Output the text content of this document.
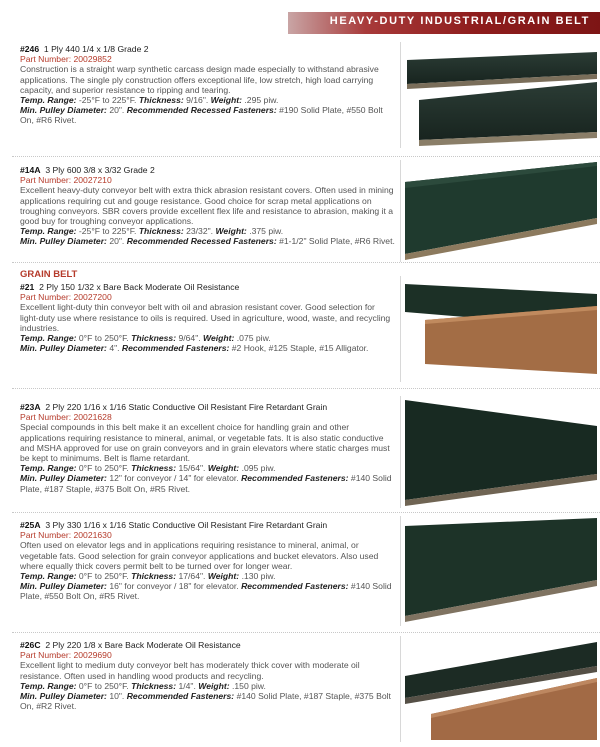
HEAVY-DUTY INDUSTRIAL/GRAIN BELT
#246 1 Ply 440 1/4 x 1/8 Grade 2
Part Number: 20029852
Construction is a straight warp synthetic carcass design made especially to withstand abrasive applications. The single ply construction offers exceptional life, low stretch, high load carrying capacity, and superior resistance to ripping and tearing.
Temp. Range: -25°F to 225°F. Thickness: 9/16". Weight: .295 piw.
Min. Pulley Diameter: 20". Recommended Recessed Fasteners: #190 Solid Plate, #550 Bolt On, #R6 Rivet.
#14A 3 Ply 600 3/8 x 3/32 Grade 2
Part Number: 20027210
Excellent heavy-duty conveyor belt with extra thick abrasion resistant covers. Often used in mining applications requiring cut and gouge resistance. Good choice for scrap metal applications on troughing conveyors. SBR covers provide excellent flex life and resistance to abrasion, making it a good buy for troughing conveyor applications.
Temp. Range: -25°F to 225°F. Thickness: 23/32". Weight: .375 piw.
Min. Pulley Diameter: 20". Recommended Recessed Fasteners: #1-1/2" Solid Plate, #R6 Rivet.
GRAIN BELT
#21 2 Ply 150 1/32 x Bare Back Moderate Oil Resistance
Part Number: 20027200
Excellent light-duty thin conveyor belt with oil and abrasion resistant cover. Good selection for light-duty use where resistance to oils is required. Used in agriculture, wood, waste, and recycling industries.
Temp. Range: 0°F to 250°F. Thickness: 9/64". Weight: .075 piw.
Min. Pulley Diameter: 4". Recommended Fasteners: #2 Hook, #125 Staple, #15 Alligator.
#23A 2 Ply 220 1/16 x 1/16 Static Conductive Oil Resistant Fire Retardant Grain
Part Number: 20021628
Special compounds in this belt make it an excellent choice for handling grain and other applications requiring resistance to mineral, animal, or vegetable fats. It is also static conductive and MSHA approved for use on grain conveyors and in grain elevators where static charges must be kept to minimums. Belt is flame retardant.
Temp. Range: 0°F to 250°F. Thickness: 15/64". Weight: .095 piw.
Min. Pulley Diameter: 12" for conveyor / 14" for elevator. Recommended Fasteners: #140 Solid Plate, #187 Staple, #375 Bolt On, #R5 Rivet.
#25A 3 Ply 330 1/16 x 1/16 Static Conductive Oil Resistant Fire Retardant Grain
Part Number: 20021630
Often used on elevator legs and in applications requiring resistance to mineral, animal, or vegetable fats. Good selection for grain conveyor applications and bucket elevators. Also used where equally thick covers permit belt to be turned over for longer wear.
Temp. Range: 0°F to 250°F. Thickness: 17/64". Weight: .130 piw.
Min. Pulley Diameter: 16" for conveyor / 18" for elevator. Recommended Fasteners: #140 Solid Plate, #550 Bolt On, #R5 Rivet.
#26C 2 Ply 220 1/8 x Bare Back Moderate Oil Resistance
Part Number: 20029690
Excellent light to medium duty conveyor belt has moderately thick cover with moderate oil resistance. Often used in handling wood products and recycling.
Temp. Range: 0°F to 250°F. Thickness: 1/4". Weight: .150 piw.
Min. Pulley Diameter: 10". Recommended Fasteners: #140 Solid Plate, #187 Staple, #375 Bolt On, #R2 Rivet.
